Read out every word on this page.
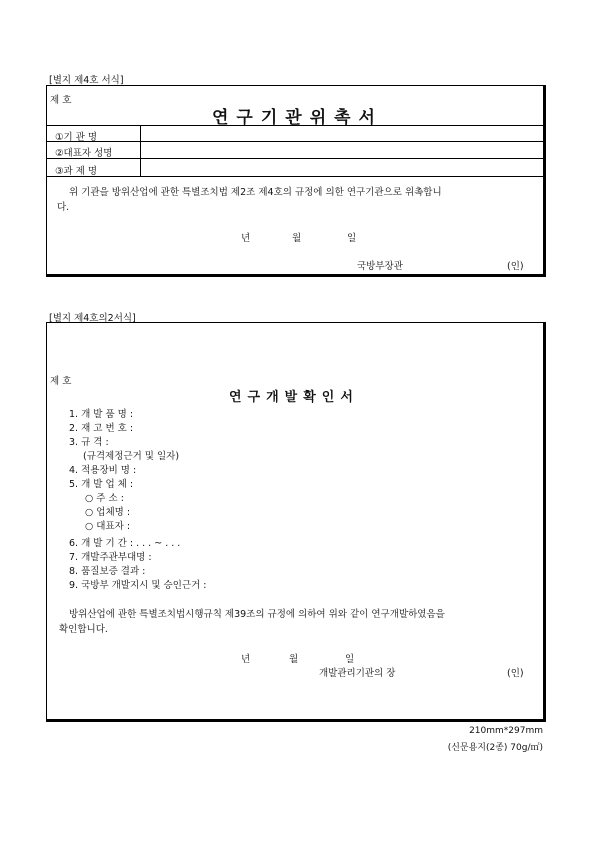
[별지 제4호 서식]
제 호
연구기관위촉서
①기 관 명
②대표자 성명
③과 제 명
위 기관을 방위산업에 관한 특별조치법 제2조 제4호의 규정에 의한 연구기관으로 위촉합니
다.
년	월	일
국방부장관	(인)
[별지 제4호의2서식]
제 호
연구개발확인서
1. 개 발 품 명 :
2. 재 고 번 호 :
3. 규 격 :
(규격제정근거 및 일자)
4. 적용장비 명 :
5. 개 발 업 체 :
○ 주 소 :
○ 업체명 :
○ 대표자 :
6. 개 발 기 간 : . . . ~ . . .
7. 개발주관부대명 :
8. 품질보증 결과 :
9. 국방부 개발지시 및 승인근거 :
방위산업에 관한 특별조치법시행규칙 제39조의 규정에 의하여 위와 같이 연구개발하였음을
확인합니다.
년	월	일
개발관리기관의 장	(인)
210mm*297mm
(신문용지(2종) 70g/㎡)
